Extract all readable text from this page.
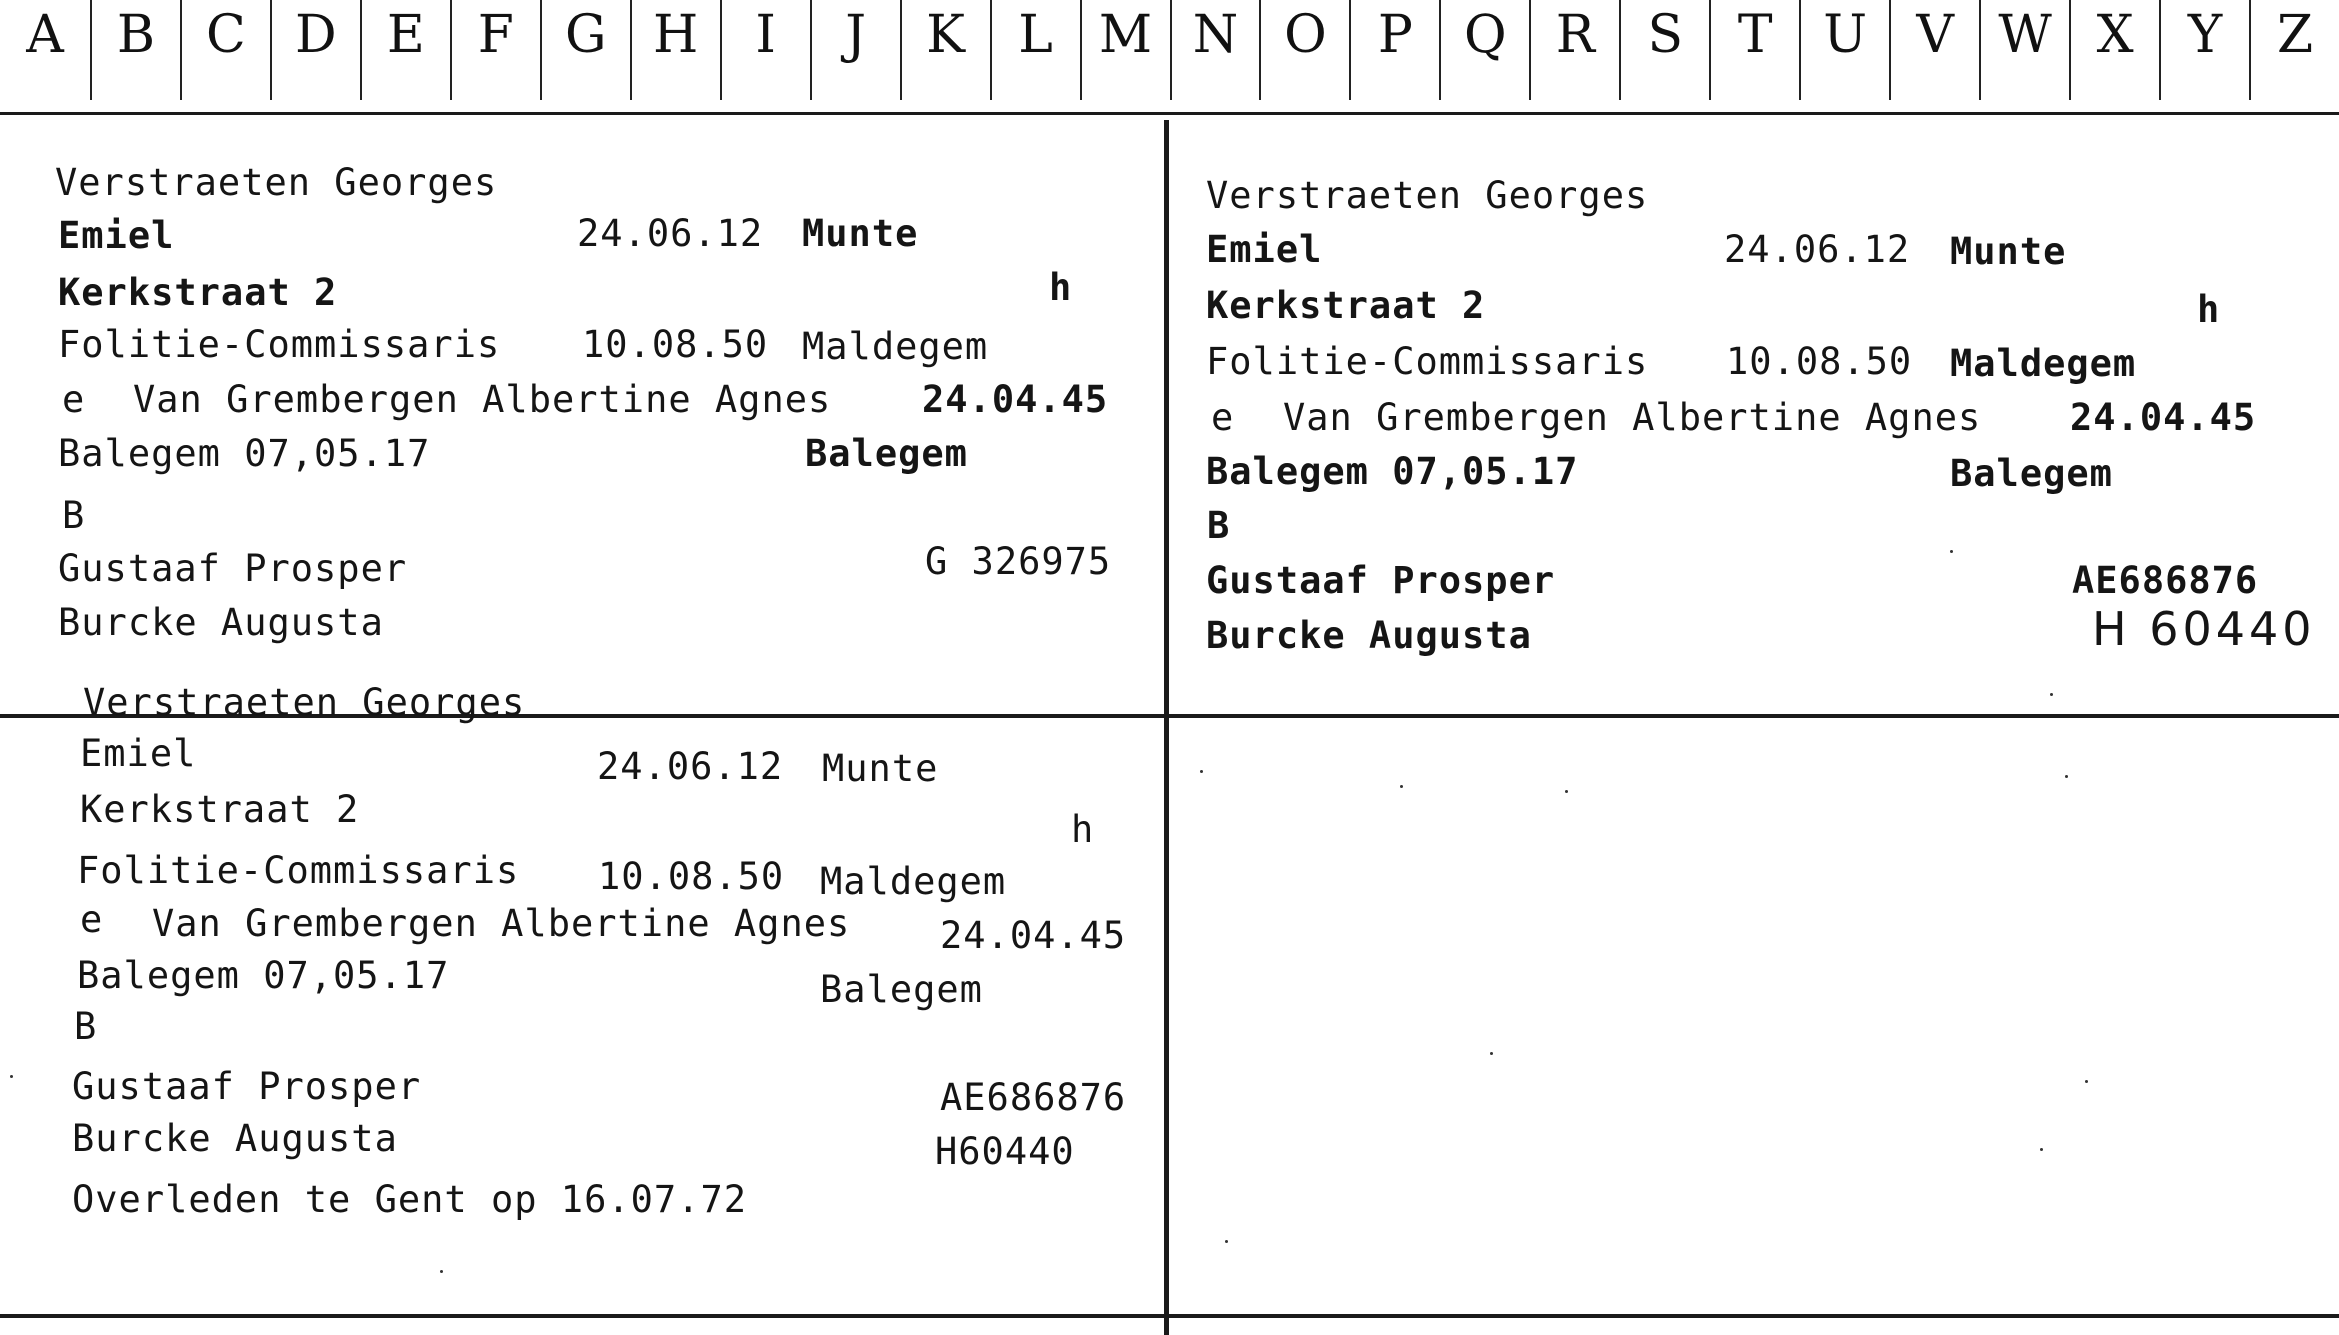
A	B C D E	F G H	I	J	K	L M N O P Q R	S	T U V W X	Y	Z
Verstraeten Georges
Emiel	24.06.12 Munte
Kerkstraat 2	h
Folitie-Commissaris 10.08.50 Maldegem
e Van Grembergen Albertine Agnes 24.04.45
Balegem 07,05.17	Balegem
B
Gustaaf Prosper	G 326975
Burcke Augusta
Verstraeten Georges
Emiel	24.06.12 Munte
Kerkstraat 2	h
Folitie-Commissaris 10.08.50 Maldegem
e Van Grembergen Albertine Agnes 24.04.45
Balegem 07,05.17	Balegem
B
Gustaaf Prosper	AE686876
Burcke Augusta	H 60440
Verstraeten Georges
Emiel	24.06.12 Munte
Kerkstraat 2	h
Folitie-Commissaris 10.08.50 Maldegem
e Van Grembergen Albertine Agnes 24.04.45
Balegem 07,05.17	Balegem
B
Gustaaf Prosper	AE686876
Burcke Augusta	H60440
Overleden te Gent op 16.07.72
